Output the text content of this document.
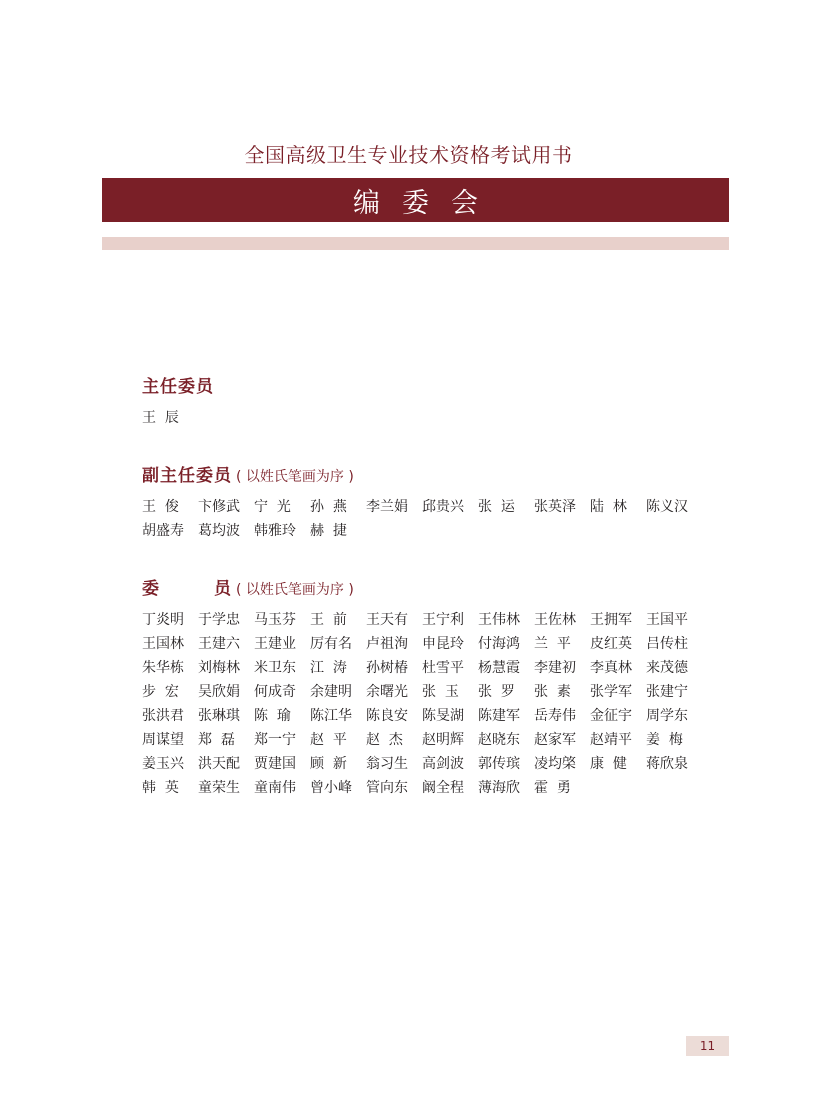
全国高级卫生专业技术资格考试用书
编委会
主任委员
王  辰
副主任委员 ( 以姓氏笔画为序 )
王  俊	卞修武	宁  光	孙  燕	李兰娟	邱贵兴	张  运	张英泽	陆  林	陈义汉
胡盛寿	葛均波	韩雅玲	赫  捷
委	员 ( 以姓氏笔画为序 )
丁炎明	于学忠	马玉芬	王  前	王天有	王宁利	王伟林	王佐林	王拥军	王国平
王国林	王建六	王建业	厉有名	卢祖洵	申昆玲	付海鸿	兰  平	皮红英	吕传柱
朱华栋	刘梅林	米卫东	江  涛	孙树椿	杜雪平	杨慧霞	李建初	李真林	来茂德
步  宏	吴欣娟	何成奇	余建明	余曙光	张  玉	张  罗	张  素	张学军	张建宁
张洪君	张琳琪	陈  瑜	陈江华	陈良安	陈旻湖	陈建军	岳寿伟	金征宇	周学东
周谋望	郑  磊	郑一宁	赵  平	赵  杰	赵明辉	赵晓东	赵家军	赵靖平	姜  梅
姜玉兴	洪天配	贾建国	顾  新	翁习生	高剑波	郭传瑸	凌均棨	康  健	蒋欣泉
韩  英	童荣生	童南伟	曾小峰	管向东	阚全程	薄海欣	霍  勇
11
